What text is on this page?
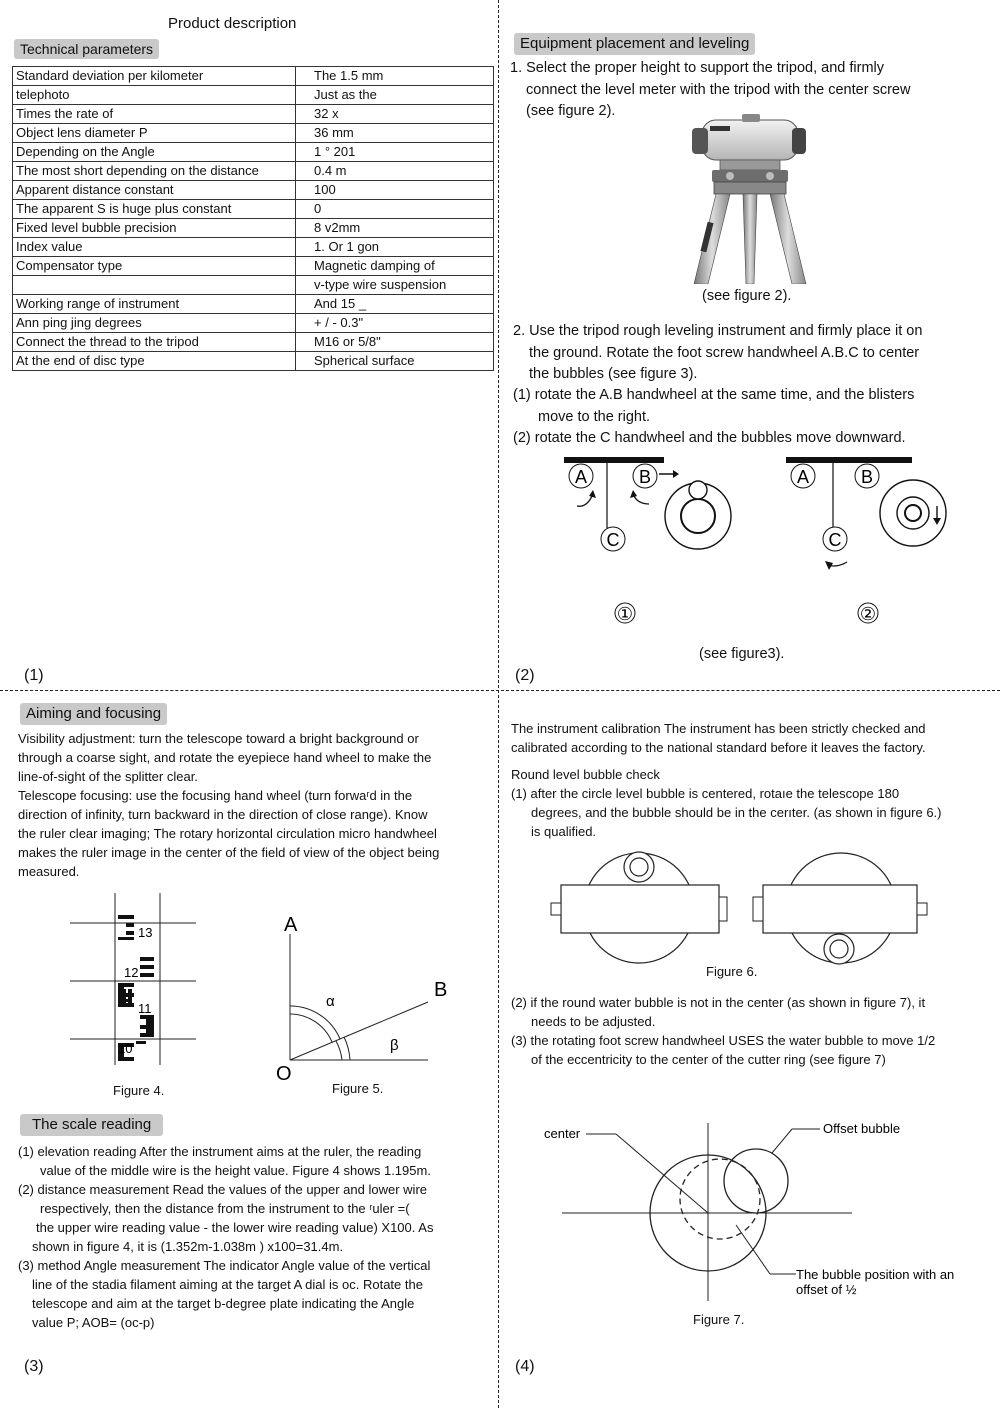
Product description
Technical parameters
Standard deviation per kilometer	The 1.5 mm
telephoto	Just as the
Times the rate of	32 x
Object lens diameter P	36 mm
Depending on the Angle	1 ° 201
The most short depending on the distance	0.4 m
Apparent distance constant	100
The apparent S is huge plus constant	0
Fixed level bubble precision	8 v2mm
Index value	1. Or 1 gon
Compensator type	Magnetic damping of
	v-type wire suspension
Working range of instrument	And 15 _
Ann ping jing degrees	+ / - 0.3"
Connect the thread to the tripod	M16 or 5/8"
At the end of disc type	Spherical surface
(1)
Equipment placement and leveling

1. Select the proper height to support the tripod, and firmly

connect the level meter with the tripod with the center screw

(see figure 2).

(see figure 2).

2. Use the tripod rough leveling instrument and firmly place it on

the ground. Rotate the foot screw handwheel A.B.C to center

the bubbles (see figure 3).

(1) rotate the A.B handwheel at the same time, and the blisters

move to the right.

(2) rotate the C handwheel and the bubbles move downward.

A	B
C
①
A	B
C
②
(see figure3).
(2)
Aiming and focusing

Visibility adjustment: turn the telescope toward a bright background or

through a coarse sight, and rotate the eyepiece hand wheel to make the

line-of-sight of the splitter clear.

Telescope focusing: use the focusing hand wheel (turn forwaʳd in the

direction of infinity, turn backward in the direction of close range). Know

the ruler clear imaging; The rotary horizontal circulation micro handwheel

makes the ruler image in the center of the field of view of the object being

measured.

13
12
11
10
Figure 4.
A
B
O
α
β
Figure 5.
The scale reading

(1) elevation reading After the instrument aims at the ruler, the reading

value of the middle wire is the height value. Figure 4 shows 1.195m.

(2) distance measurement Read the values of the upper and lower wire

respectively, then the distance from the instrument to the ʳuler =(

the upper wire reading value - the lower wire reading value) X100. As

shown in figure 4, it is (1.352m-1.038m ) x100=31.4m.

(3) method Angle measurement The indicator Angle value of the vertical

line of the stadia filament aiming at the target A dial is oc. Rotate the

telescope and aim at the target b-degree plate indicating the Angle

value P; AOB= (oc-p)

(3)

The instrument calibration The instrument has been strictly checked and

calibrated according to the national standard before it leaves the factory.

Round level bubble check

(1) after the circle level bubble is centered, rotaıe the telescope 180

degrees, and the bubble should be in the cerıter. (as shown in figure 6.)

is qualified.

Figure 6.

(2) if the round water bubble is not in the center (as shown in figure 7), it

needs to be adjusted.

(3) the rotating foot screw handwheel USES the water bubble to move 1/2

of the eccentricity to the center of the cutter ring (see figure 7)

center	Offset bubble
The bubble position with an
offset of ½
Figure 7.
(4)
